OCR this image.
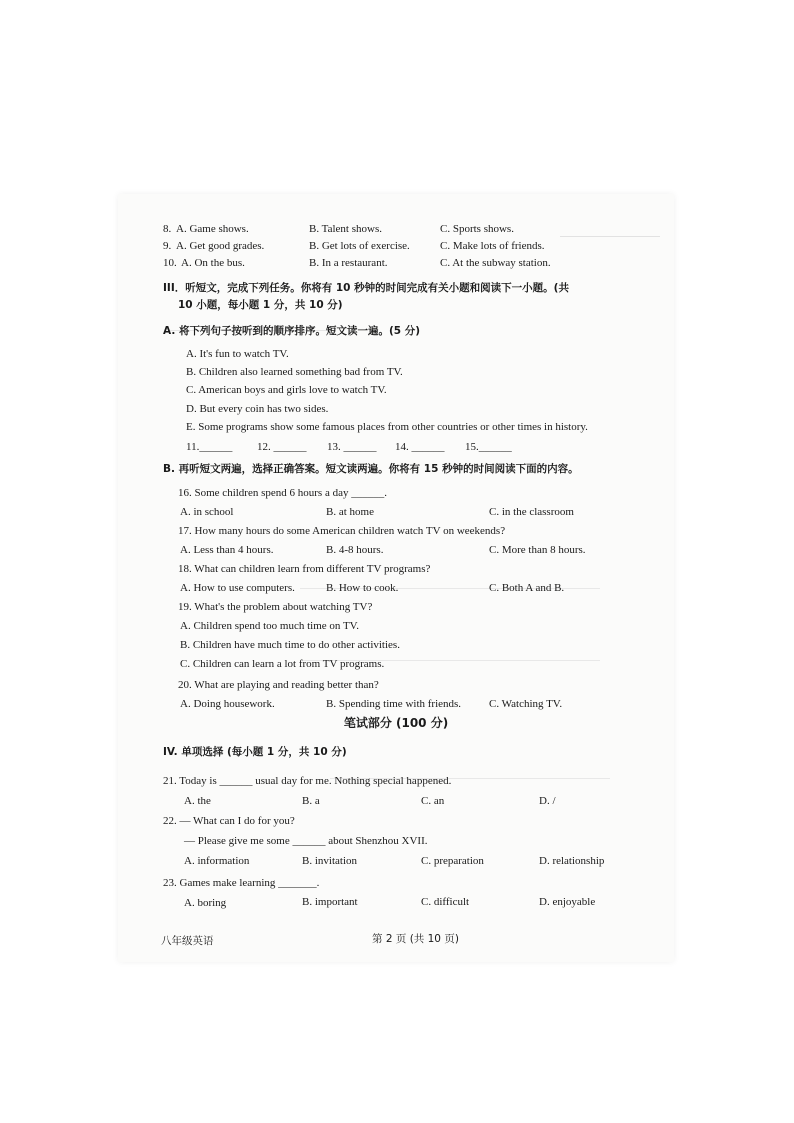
8. A. Game shows.	B. Talent shows.	C. Sports shows.
9. A. Get good grades.	B. Get lots of exercise.	C. Make lots of friends.
10. A. On the bus.	B. In a restaurant.	C. At the subway station.
III．听短文，完成下列任务。你将有 10 秒钟的时间完成有关小题和阅读下一小题。(共
10 小题，每小题 1 分，共 10 分)
A. 将下列句子按听到的顺序排序。短文读一遍。(5 分)
A. It's fun to watch TV.
B. Children also learned something bad from TV.
C. American boys and girls love to watch TV.
D. But every coin has two sides.
E. Some programs show some famous places from other countries or other times in history.
11.______ 12. ______ 13. ______ 14. ______ 15.______
B. 再听短文两遍，选择正确答案。短文读两遍。你将有 15 秒钟的时间阅读下面的内容。
16. Some children spend 6 hours a day ______.
A. in school	B. at home	C. in the classroom
17. How many hours do some American children watch TV on weekends?
A. Less than 4 hours.	B. 4-8 hours.	C. More than 8 hours.
18. What can children learn from different TV programs?
A. How to use computers.	B. How to cook.	C. Both A and B.
19. What's the problem about watching TV?
A. Children spend too much time on TV.
B. Children have much time to do other activities.
C. Children can learn a lot from TV programs.
20. What are playing and reading better than?
A. Doing housework.	B. Spending time with friends.	C. Watching TV.
笔试部分 (100 分)
IV. 单项选择 (每小题 1 分，共 10 分)
21. Today is ______ usual day for me. Nothing special happened.
A. the	B. a	C. an	D. /
22. — What can I do for you?
— Please give me some ______ about Shenzhou XVII.
A. information	B. invitation	C. preparation	D. relationship
23. Games make learning _______.
A. boring	B. important	C. difficult	D. enjoyable
八年级英语	第 2 页 (共 10 页)
